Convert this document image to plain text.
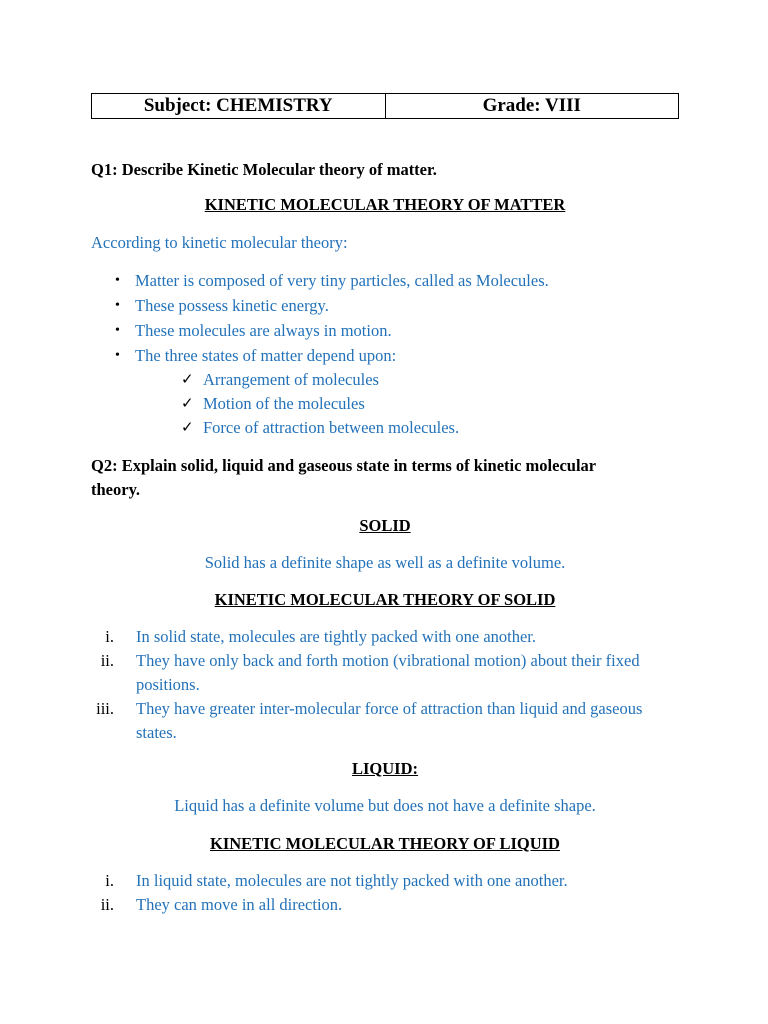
Subject: CHEMISTRY	Grade: VIII
Q1: Describe Kinetic Molecular theory of matter.
KINETIC MOLECULAR THEORY OF MATTER
According to kinetic molecular theory:
• Matter is composed of very tiny particles, called as Molecules.
• These possess kinetic energy.
• These molecules are always in motion.
• The three states of matter depend upon:
✓ Arrangement of molecules
✓ Motion of the molecules
✓ Force of attraction between molecules.
Q2: Explain solid, liquid and gaseous state in terms of kinetic molecular
theory.
SOLID
Solid has a definite shape as well as a definite volume.
KINETIC MOLECULAR THEORY OF SOLID
i. In solid state, molecules are tightly packed with one another.
ii. They have only back and forth motion (vibrational motion) about their fixed
positions.
iii. They have greater inter-molecular force of attraction than liquid and gaseous
states.
LIQUID:
Liquid has a definite volume but does not have a definite shape.
KINETIC MOLECULAR THEORY OF LIQUID
i. In liquid state, molecules are not tightly packed with one another.
ii. They can move in all direction.
